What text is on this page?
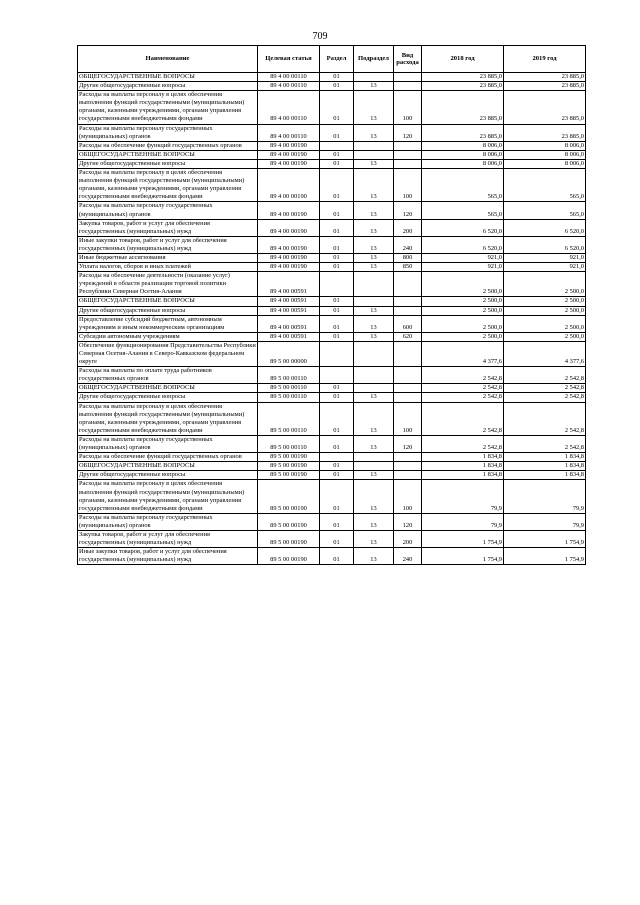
709
Наименование	Целевая статья	Раздел	Подраздел	Вид расхода	2018 год	2019 год
ОБЩЕГОСУДАРСТВЕННЫЕ ВОПРОСЫ	89 4 00 00110	01			23 885,0	23 885,0
Другие общегосударственные вопросы	89 4 00 00110	01	13		23 885,0	23 885,0
Расходы на выплаты персоналу в целях обеспечения выполнения функций государственными (муниципальными) органами, казенными учреждениями, органами управления государственными внебюджетными фондами	89 4 00 00110	01	13	100	23 885,0	23 885,0
Расходы на выплаты персоналу государственных (муниципальных) органов	89 4 00 00110	01	13	120	23 885,0	23 885,0
Расходы на обеспечение функций государственных органов	89 4 00 00190				8 006,0	8 006,0
ОБЩЕГОСУДАРСТВЕННЫЕ ВОПРОСЫ	89 4 00 00190	01			8 006,0	8 006,0
Другие общегосударственные вопросы	89 4 00 00190	01	13		8 006,0	8 006,0
Расходы на выплаты персоналу в целях обеспечения выполнения функций государственными (муниципальными) органами, казенными учреждениями, органами управления государственными внебюджетными фондами	89 4 00 00190	01	13	100	565,0	565,0
Расходы на выплаты персоналу государственных (муниципальных) органов	89 4 00 00190	01	13	120	565,0	565,0
Закупка товаров, работ и услуг для обеспечения государственных (муниципальных) нужд	89 4 00 00190	01	13	200	6 520,0	6 520,0
Иные закупки товаров, работ и услуг для обеспечения государственных (муниципальных) нужд	89 4 00 00190	01	13	240	6 520,0	6 520,0
Иные бюджетные ассигнования	89 4 00 00190	01	13	800	921,0	921,0
Уплата налогов, сборов и иных платежей	89 4 00 00190	01	13	850	921,0	921,0
Расходы на обеспечение деятельности (оказание услуг) учреждений в области реализации торговой политики Республики Северная Осетия-Алания	89 4 00 00591				2 500,0	2 500,0
ОБЩЕГОСУДАРСТВЕННЫЕ ВОПРОСЫ	89 4 00 00591	01			2 500,0	2 500,0
Другие общегосударственные вопросы	89 4 00 00591	01	13		2 500,0	2 500,0
Предоставление субсидий бюджетным, автономным учреждениям и иным некоммерческим организациям	89 4 00 00591	01	13	600	2 500,0	2 500,0
Субсидии автономным учреждениям	89 4 00 00591	01	13	620	2 500,0	2 500,0
Обеспечение функционирования Представительства Республики Северная Осетия-Алания в Северо-Кавказском федеральном округе	89 5 00 00000				4 377,6	4 377,6
Расходы на выплаты по оплате труда работников государственных органов	89 5 00 00110				2 542,8	2 542,8
ОБЩЕГОСУДАРСТВЕННЫЕ ВОПРОСЫ	89 5 00 00110	01			2 542,8	2 542,8
Другие общегосударственные вопросы	89 5 00 00110	01	13		2 542,8	2 542,8
Расходы на выплаты персоналу в целях обеспечения выполнения функций государственными (муниципальными) органами, казенными учреждениями, органами управления государственными внебюджетными фондами	89 5 00 00110	01	13	100	2 542,8	2 542,8
Расходы на выплаты персоналу государственных (муниципальных) органов	89 5 00 00110	01	13	120	2 542,8	2 542,8
Расходы на обеспечение функций государственных органов	89 5 00 00190				1 834,8	1 834,8
ОБЩЕГОСУДАРСТВЕННЫЕ ВОПРОСЫ	89 5 00 00190	01			1 834,8	1 834,8
Другие общегосударственные вопросы	89 5 00 00190	01	13		1 834,8	1 834,8
Расходы на выплаты персоналу в целях обеспечения выполнения функций государственными (муниципальными) органами, казенными учреждениями, органами управления государственными внебюджетными фондами	89 5 00 00190	01	13	100	79,9	79,9
Расходы на выплаты персоналу государственных (муниципальных) органов	89 5 00 00190	01	13	120	79,9	79,9
Закупка товаров, работ и услуг для обеспечения государственных (муниципальных) нужд	89 5 00 00190	01	13	200	1 754,9	1 754,9
Иные закупки товаров, работ и услуг для обеспечения государственных (муниципальных) нужд	89 5 00 00190	01	13	240	1 754,9	1 754,9
